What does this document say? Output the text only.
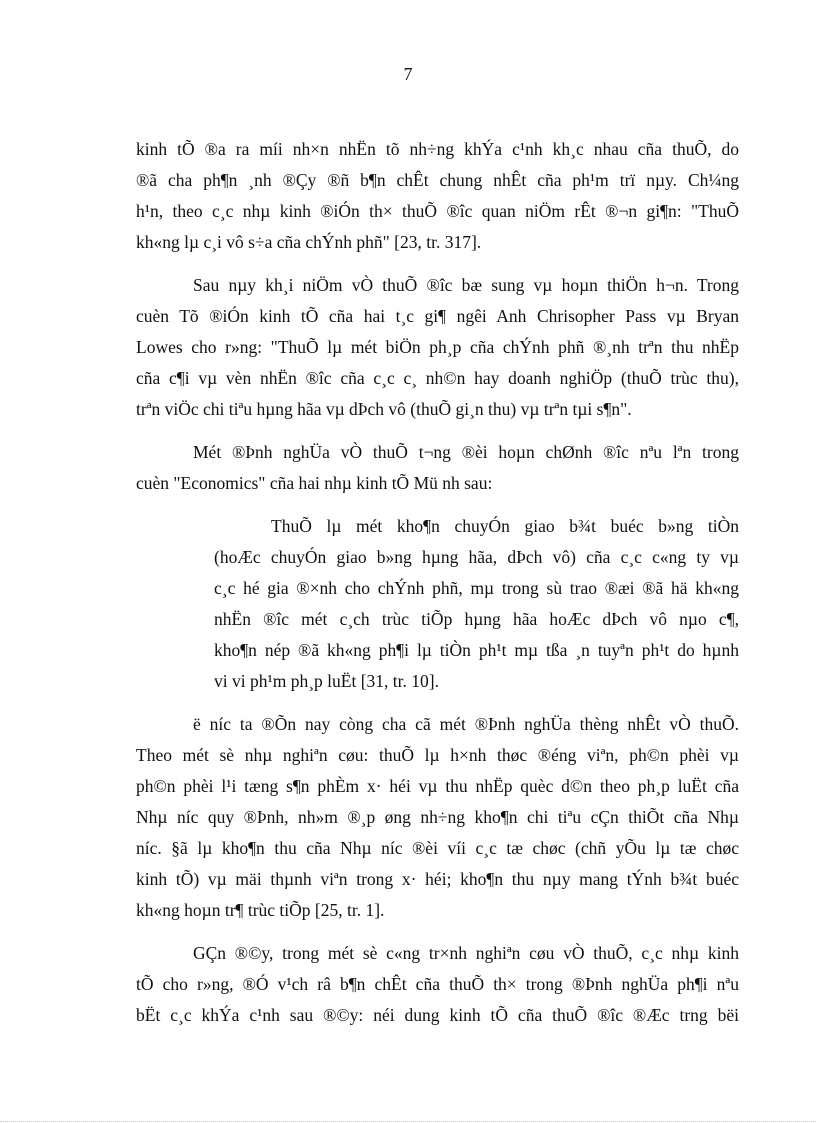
7
kinh tÕ ®a ra míi nh×n nhËn tõ nh÷ng khÝa c¹nh kh¸c nhau cña thuÕ, do
®ã cha ph¶n ¸nh ®Çy ®ñ b¶n chÊt chung nhÊt cña ph¹m trï nµy. Ch¼ng
h¹n, theo c¸c nhµ kinh ®iÓn th× thuÕ ®îc quan niÖm rÊt ®¬n gi¶n: "ThuÕ
kh«ng lµ c¸i vô s÷a cña chÝnh phñ" [23, tr. 317].
Sau nµy kh¸i niÖm vÒ thuÕ ®îc bæ sung vµ hoµn thiÖn h¬n. Trong
cuèn Tõ ®iÓn kinh tÕ cña hai t¸c gi¶ ngêi Anh Chrisopher Pass vµ Bryan
Lowes cho r»ng: "ThuÕ lµ mét biÖn ph¸p cña chÝnh phñ ®¸nh trªn thu nhËp
cña c¶i vµ vèn nhËn ®îc cña c¸c c¸ nh©n hay doanh nghiÖp (thuÕ trùc thu),
trªn viÖc chi tiªu hµng hãa vµ dÞch vô (thuÕ gi¸n thu) vµ trªn tµi s¶n".
Mét ®Þnh nghÜa vÒ thuÕ t¬ng ®èi hoµn chØnh ®îc nªu lªn trong
cuèn "Economics" cña hai nhµ kinh tÕ Mü nh sau:
ThuÕ lµ mét kho¶n chuyÓn giao b¾t buéc b»ng tiÒn
(hoÆc chuyÓn giao b»ng hµng hãa, dÞch vô) cña c¸c c«ng ty vµ
c¸c hé gia ®×nh cho chÝnh phñ, mµ trong sù trao ®æi ®ã hä kh«ng
nhËn ®îc mét c¸ch trùc tiÕp hµng hãa hoÆc dÞch vô nµo c¶,
kho¶n nép ®ã kh«ng ph¶i lµ tiÒn ph¹t mµ tßa ¸n tuyªn ph¹t do hµnh
vi vi ph¹m ph¸p luËt [31, tr. 10].
ë níc ta ®Õn nay còng cha cã mét ®Þnh nghÜa thèng nhÊt vÒ thuÕ.
Theo mét sè nhµ nghiªn cøu: thuÕ lµ h×nh thøc ®éng viªn, ph©n phèi vµ
ph©n phèi l¹i tæng s¶n phÈm x· héi vµ thu nhËp quèc d©n theo ph¸p luËt cña
Nhµ níc quy ®Þnh, nh»m ®¸p øng nh÷ng kho¶n chi tiªu cÇn thiÕt cña Nhµ
níc. §ã lµ kho¶n thu cña Nhµ níc ®èi víi c¸c tæ chøc (chñ yÕu lµ tæ chøc
kinh tÕ) vµ mäi thµnh viªn trong x· héi; kho¶n thu nµy mang tÝnh b¾t buéc
kh«ng hoµn tr¶ trùc tiÕp [25, tr. 1].
GÇn ®©y, trong mét sè c«ng tr×nh nghiªn cøu vÒ thuÕ, c¸c nhµ kinh
tÕ cho r»ng, ®Ó v¹ch râ b¶n chÊt cña thuÕ th× trong ®Þnh nghÜa ph¶i nªu
bËt c¸c khÝa c¹nh sau ®©y: néi dung kinh tÕ cña thuÕ ®îc ®Æc trng bëi
